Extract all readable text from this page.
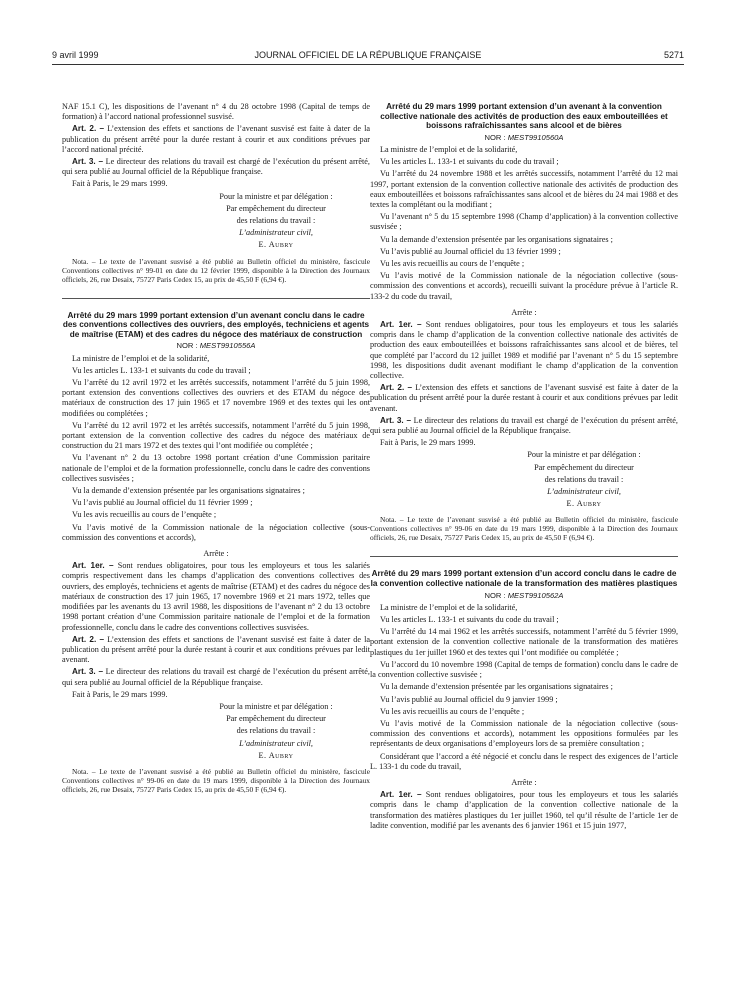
9 avril 1999	JOURNAL OFFICIEL DE LA RÉPUBLIQUE FRANÇAISE	5271

NAF 15.1 C), les dispositions de l’avenant n° 4 du 28 octobre 1998 (Capital de temps de formation) à l’accord national professionnel susvisé.

Art. 2. – L’extension des effets et sanctions de l’avenant susvisé est faite à dater de la publication du présent arrêté pour la durée restant à courir et aux conditions prévues par l’accord national précité.

Art. 3. – Le directeur des relations du travail est chargé de l’exécution du présent arrêté, qui sera publié au Journal officiel de la République française.

Fait à Paris, le 29 mars 1999.

Pour la ministre et par délégation :

Par empêchement du directeur

des relations du travail :

L’administrateur civil,

E. Aubry

Nota. – Le texte de l’avenant susvisé a été publié au Bulletin officiel du ministère, fascicule Conventions collectives n° 99-01 en date du 12 février 1999, disponible à la Direction des Journaux officiels, 26, rue Desaix, 75727 Paris Cedex 15, au prix de 45,50 F (6,94 €).

Arrêté du 29 mars 1999 portant extension d’un avenant conclu dans le cadre des conventions collectives des ouvriers, des employés, techniciens et agents de maîtrise (ETAM) et des cadres du négoce des matériaux de construction

NOR : MEST9910556A

La ministre de l’emploi et de la solidarité,

Vu les articles L. 133-1 et suivants du code du travail ;

Vu l’arrêté du 12 avril 1972 et les arrêtés successifs, notamment l’arrêté du 5 juin 1998, portant extension des conventions collectives des ouvriers et des ETAM du négoce des matériaux de construction des 17 juin 1965 et 17 novembre 1969 et des textes qui les ont modifiées ou complétées ;

Vu l’arrêté du 12 avril 1972 et les arrêtés successifs, notamment l’arrêté du 5 juin 1998, portant extension de la convention collective des cadres du négoce des matériaux de construction du 21 mars 1972 et des textes qui l’ont modifiée ou complétée ;

Vu l’avenant n° 2 du 13 octobre 1998 portant création d’une Commission paritaire nationale de l’emploi et de la formation professionnelle, conclu dans le cadre des conventions collectives susvisées ;

Vu la demande d’extension présentée par les organisations signataires ;

Vu l’avis publié au Journal officiel du 11 février 1999 ;

Vu les avis recueillis au cours de l’enquête ;

Vu l’avis motivé de la Commission nationale de la négociation collective (sous-commission des conventions et accords),

Arrête :

Art. 1er. – Sont rendues obligatoires, pour tous les employeurs et tous les salariés compris respectivement dans les champs d’application des conventions collectives des ouvriers, des employés, techniciens et agents de maîtrise (ETAM) et des cadres du négoce des matériaux de construction des 17 juin 1965, 17 novembre 1969 et 21 mars 1972, telles que modifiées par les avenants du 13 avril 1988, les dispositions de l’avenant n° 2 du 13 octobre 1998 portant création d’une Commission paritaire nationale de l’emploi et de la formation professionnelle, conclu dans le cadre des conventions collectives susvisées.

Art. 2. – L’extension des effets et sanctions de l’avenant susvisé est faite à dater de la publication du présent arrêté pour la durée restant à courir et aux conditions prévues par ledit avenant.

Art. 3. – Le directeur des relations du travail est chargé de l’exécution du présent arrêté, qui sera publié au Journal officiel de la République française.

Fait à Paris, le 29 mars 1999.

Pour la ministre et par délégation :

Par empêchement du directeur

des relations du travail :

L’administrateur civil,

E. Aubry

Nota. – Le texte de l’avenant susvisé a été publié au Bulletin officiel du ministère, fascicule Conventions collectives n° 99-06 en date du 19 mars 1999, disponible à la Direction des Journaux officiels, 26, rue Desaix, 75727 Paris Cedex 15, au prix de 45,50 F (6,94 €).

Arrêté du 29 mars 1999 portant extension d’un avenant à la convention collective nationale des activités de production des eaux embouteillées et boissons rafraîchissantes sans alcool et de bières

NOR : MEST9910560A

La ministre de l’emploi et de la solidarité,

Vu les articles L. 133-1 et suivants du code du travail ;

Vu l’arrêté du 24 novembre 1988 et les arrêtés successifs, notamment l’arrêté du 12 mai 1997, portant extension de la convention collective nationale des activités de production des eaux embouteillées et boissons rafraîchissantes sans alcool et de bières du 24 mai 1988 et des textes la complétant ou la modifiant ;

Vu l’avenant n° 5 du 15 septembre 1998 (Champ d’application) à la convention collective susvisée ;

Vu la demande d’extension présentée par les organisations signataires ;

Vu l’avis publié au Journal officiel du 13 février 1999 ;

Vu les avis recueillis au cours de l’enquête ;

Vu l’avis motivé de la Commission nationale de la négociation collective (sous-commission des conventions et accords), recueilli suivant la procédure prévue à l’article R. 133-2 du code du travail,

Arrête :

Art. 1er. – Sont rendues obligatoires, pour tous les employeurs et tous les salariés compris dans le champ d’application de la convention collective nationale des activités de production des eaux embouteillées et boissons rafraîchissantes sans alcool et de bières, tel que complété par l’accord du 12 juillet 1989 et modifié par l’avenant n° 5 du 15 septembre 1998, les dispositions dudit avenant modifiant le champ d’application de la convention collective.

Art. 2. – L’extension des effets et sanctions de l’avenant susvisé est faite à dater de la publication du présent arrêté pour la durée restant à courir et aux conditions prévues par ledit avenant.

Art. 3. – Le directeur des relations du travail est chargé de l’exécution du présent arrêté, qui sera publié au Journal officiel de la République française.

Fait à Paris, le 29 mars 1999.

Pour la ministre et par délégation :

Par empêchement du directeur

des relations du travail :

L’administrateur civil,

E. Aubry

Nota. – Le texte de l’avenant susvisé a été publié au Bulletin officiel du ministère, fascicule Conventions collectives n° 99-06 en date du 19 mars 1999, disponible à la Direction des Journaux officiels, 26, rue Desaix, 75727 Paris Cedex 15, au prix de 45,50 F (6,94 €).

Arrêté du 29 mars 1999 portant extension d’un accord conclu dans le cadre de la convention collective nationale de la transformation des matières plastiques

NOR : MEST9910562A

La ministre de l’emploi et de la solidarité,

Vu les articles L. 133-1 et suivants du code du travail ;

Vu l’arrêté du 14 mai 1962 et les arrêtés successifs, notamment l’arrêté du 5 février 1999, portant extension de la convention collective nationale de la transformation des matières plastiques du 1er juillet 1960 et des textes qui l’ont modifiée ou complétée ;

Vu l’accord du 10 novembre 1998 (Capital de temps de formation) conclu dans le cadre de la convention collective susvisée ;

Vu la demande d’extension présentée par les organisations signataires ;

Vu l’avis publié au Journal officiel du 9 janvier 1999 ;

Vu les avis recueillis au cours de l’enquête ;

Vu l’avis motivé de la Commission nationale de la négociation collective (sous-commission des conventions et accords), notamment les oppositions formulées par les représentants de deux organisations d’employeurs lors de sa première consultation ;

Considérant que l’accord a été négocié et conclu dans le respect des exigences de l’article L. 133-1 du code du travail,

Arrête :

Art. 1er. – Sont rendues obligatoires, pour tous les employeurs et tous les salariés compris dans le champ d’application de la convention collective nationale de la transformation des matières plastiques du 1er juillet 1960, tel qu’il résulte de l’article 1er de ladite convention, modifié par les avenants des 6 janvier 1961 et 15 juin 1977,
